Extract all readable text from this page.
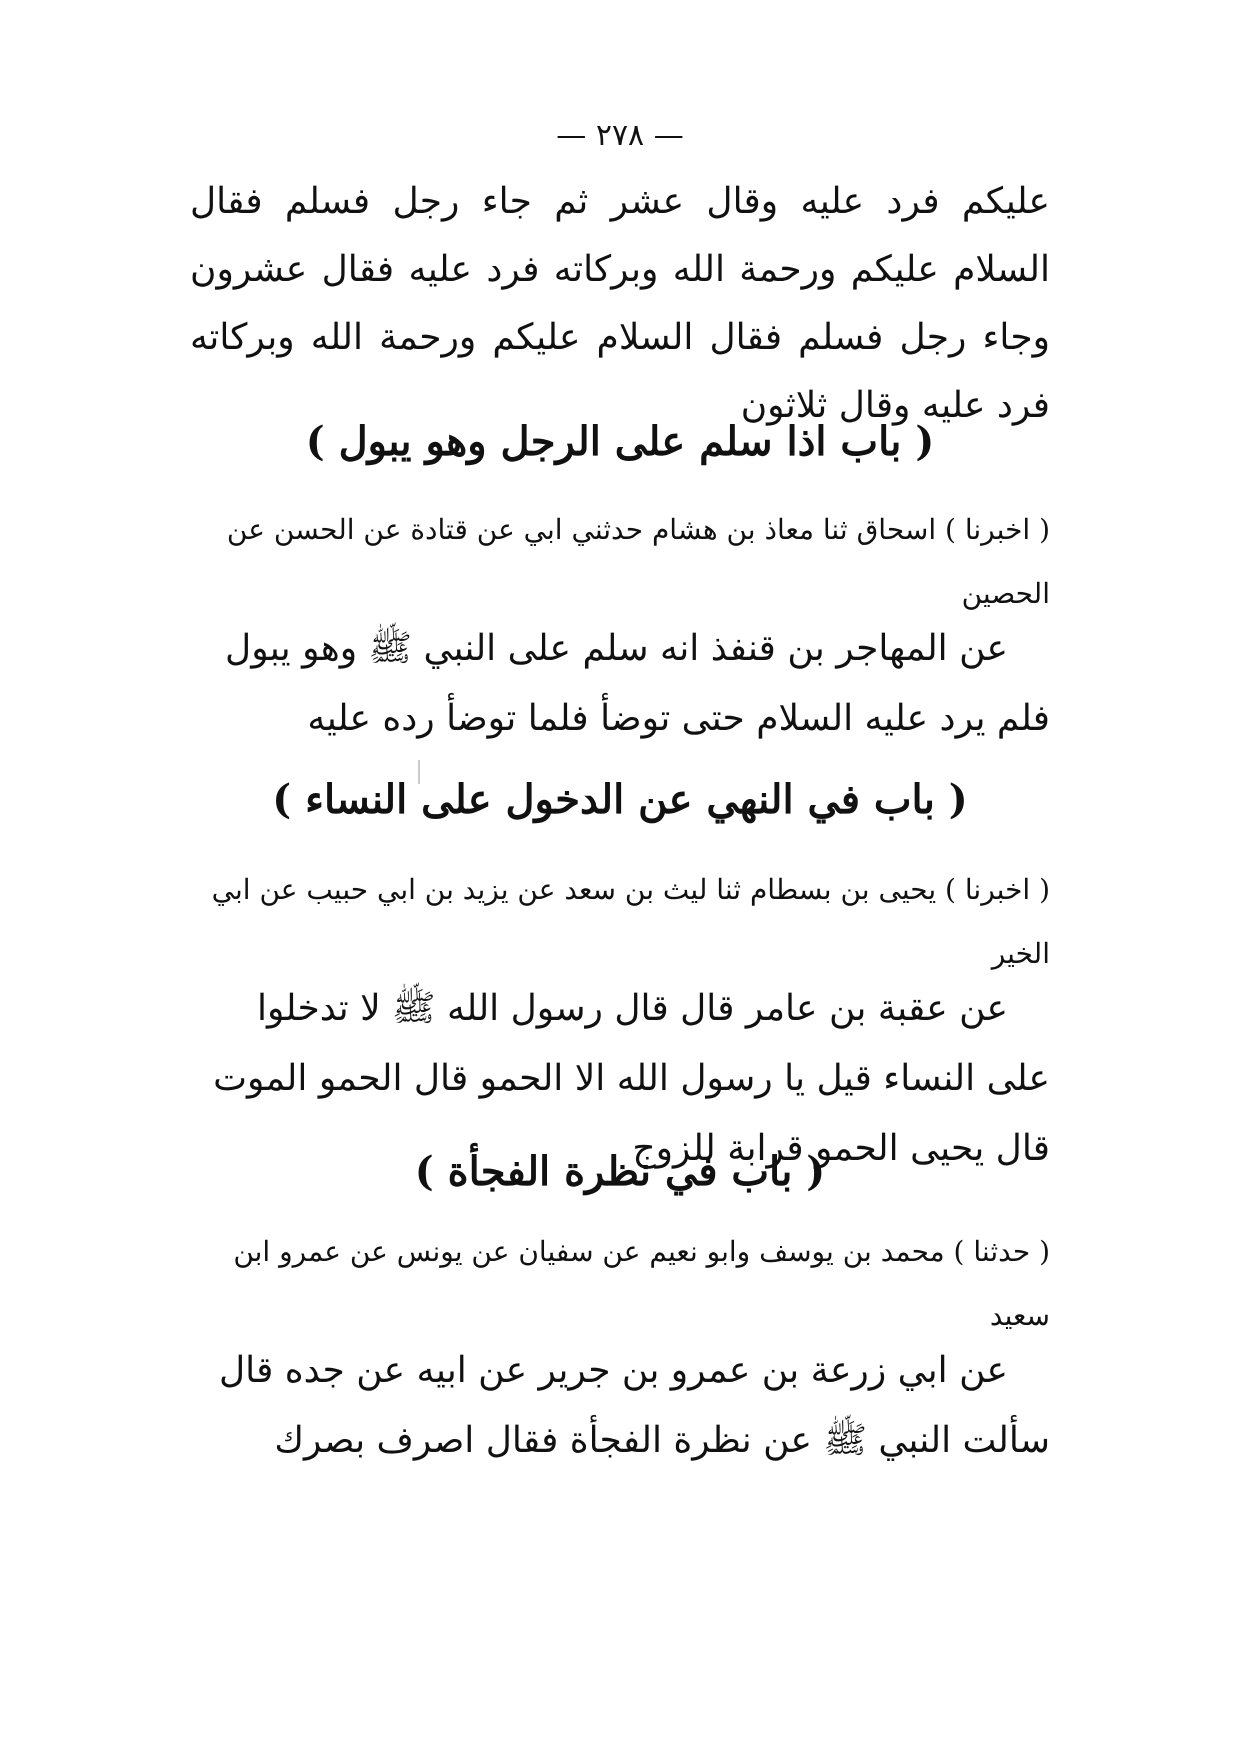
— ٢٧٨ —
عليكم فرد عليه وقال عشر ثم جاء رجل فسلم فقال السلام عليكم ورحمة الله وبركاته فرد عليه فقال عشرون وجاء رجل فسلم فقال السلام عليكم ورحمة الله وبركاته فرد عليه وقال ثلاثون
( باب اذا سلم على الرجل وهو يبول )
( اخبرنا ) اسحاق ثنا معاذ بن هشام حدثني ابي عن قتادة عن الحسن عن الحصين
عن المهاجر بن قنفذ انه سلم على النبي ﷺ وهو يبول فلم يرد عليه السلام حتى توضأ فلما توضأ رده عليه
( باب في النهي عن الدخول على النساء )
( اخبرنا ) يحيى بن بسطام ثنا ليث بن سعد عن يزيد بن ابي حبيب عن ابي الخير
عن عقبة بن عامر قال قال رسول الله ﷺ لا تدخلوا على النساء قيل يا رسول الله الا الحمو قال الحمو الموت قال يحيى الحمو قرابة للزوج
( باب في نظرة الفجأة )
( حدثنا ) محمد بن يوسف وابو نعيم عن سفيان عن يونس عن عمرو ابن سعيد
عن ابي زرعة بن عمرو بن جرير عن ابيه عن جده قال سألت النبي ﷺ عن نظرة الفجأة فقال اصرف بصرك
